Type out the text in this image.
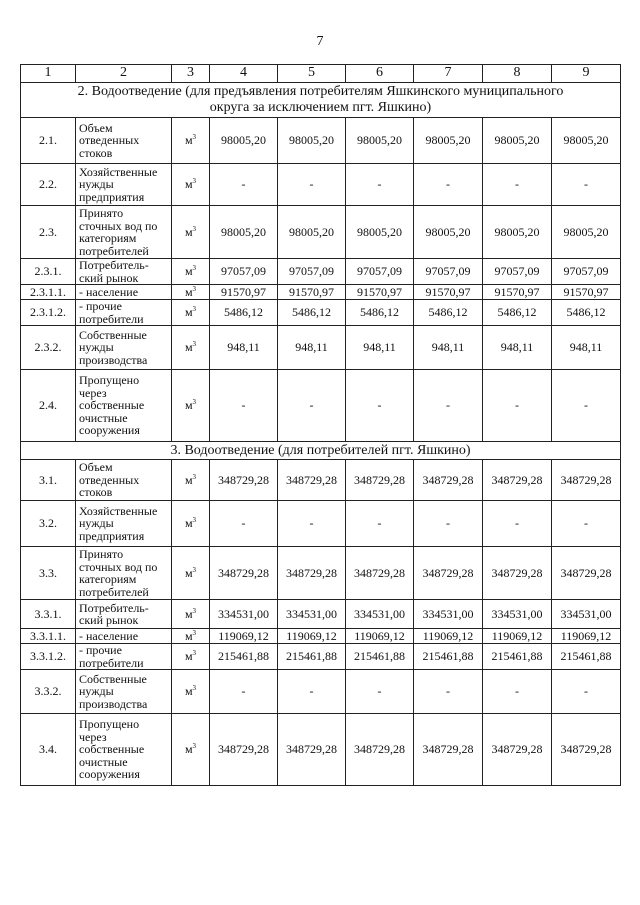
7
1	2	3	4	5	6	7	8	9

2. Водоотведение (для предъявления потребителям Яшкинского муниципального
округа за исключением пгт. Яшкино)								

2.1.	Объем
отведенных
стоков	$м^3$	98005,20	98005,20	98005,20	98005,20	98005,20	98005,20
2.2.	Хозяйственные
нужды
предприятия	$м^3$	-	-	-	-	-	-
2.3.	Принято
сточных вод по
категориям
потребителей	$м^3$	98005,20	98005,20	98005,20	98005,20	98005,20	98005,20
2.3.1.	Потребитель-
ский рынок	$м^3$	97057,09	97057,09	97057,09	97057,09	97057,09	97057,09
2.3.1.1.	- население	$м^3$	91570,97	91570,97	91570,97	91570,97	91570,97	91570,97
2.3.1.2.	- прочие
потребители	$м^3$	5486,12	5486,12	5486,12	5486,12	5486,12	5486,12
2.3.2.	Собственные
нужды
производства	$м^3$	948,11	948,11	948,11	948,11	948,11	948,11
2.4.	Пропущено
через
собственные
очистные
сооружения	$м^3$	-	-	-	-	-	-

3. Водоотведение (для потребителей пгт. Яшкино)								

3.1.	Объем
отведенных
стоков	$м^3$	348729,28	348729,28	348729,28	348729,28	348729,28	348729,28
3.2.	Хозяйственные
нужды
предприятия	$м^3$	-	-	-	-	-	-
3.3.	Принято
сточных вод по
категориям
потребителей	$м^3$	348729,28	348729,28	348729,28	348729,28	348729,28	348729,28
3.3.1.	Потребитель-
ский рынок	$м^3$	334531,00	334531,00	334531,00	334531,00	334531,00	334531,00
3.3.1.1.	- население	$м^3$	119069,12	119069,12	119069,12	119069,12	119069,12	119069,12
3.3.1.2.	- прочие
потребители	$м^3$	215461,88	215461,88	215461,88	215461,88	215461,88	215461,88
3.3.2.	Собственные
нужды
производства	$м^3$	-	-	-	-	-	-
3.4.	Пропущено
через
собственные
очистные
сооружения	$м^3$	348729,28	348729,28	348729,28	348729,28	348729,28	348729,28
